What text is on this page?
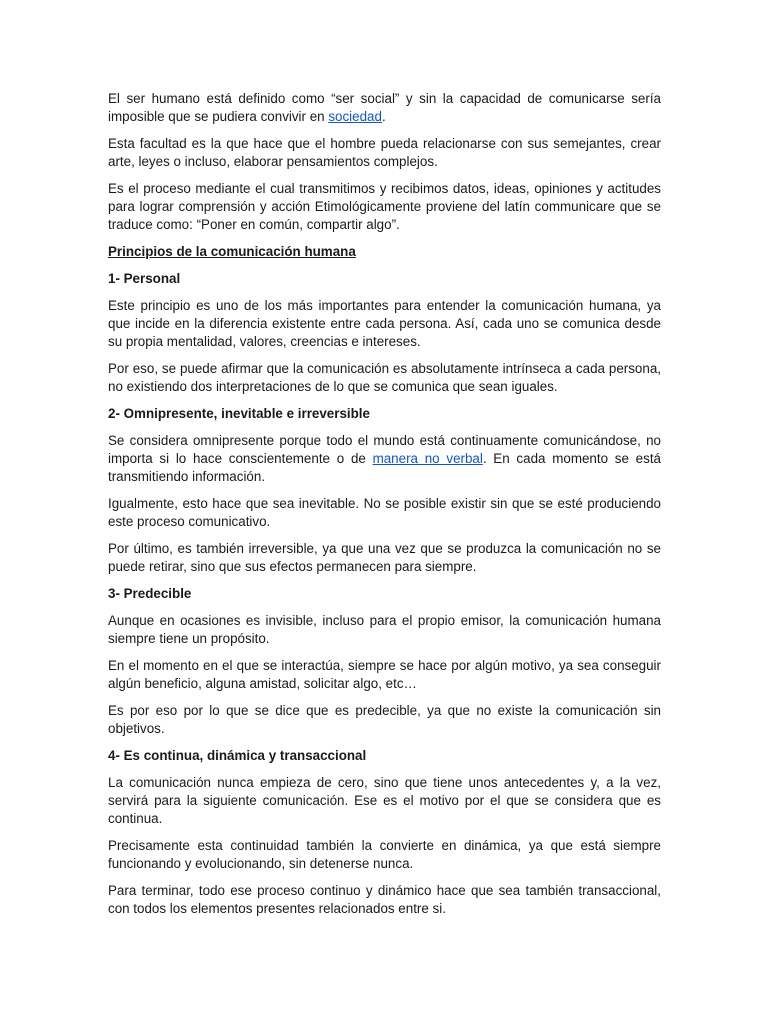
El ser humano está definido como “ser social” y sin la capacidad de comunicarse sería imposible que se pudiera convivir en sociedad.

Esta facultad es la que hace que el hombre pueda relacionarse con sus semejantes, crear arte, leyes o incluso, elaborar pensamientos complejos.

Es el proceso mediante el cual transmitimos y recibimos datos, ideas, opiniones y actitudes para lograr comprensión y acción Etimológicamente proviene del latín communicare que se traduce como: “Poner en común, compartir algo”.

Principios de la comunicación humana

1- Personal

Este principio es uno de los más importantes para entender la comunicación humana, ya que incide en la diferencia existente entre cada persona. Así, cada uno se comunica desde su propia mentalidad, valores, creencias e intereses.

Por eso, se puede afirmar que la comunicación es absolutamente intrínseca a cada persona, no existiendo dos interpretaciones de lo que se comunica que sean iguales.

2- Omnipresente, inevitable e irreversible

Se considera omnipresente porque todo el mundo está continuamente comunicándose, no importa si lo hace conscientemente o de manera no verbal. En cada momento se está transmitiendo información.

Igualmente, esto hace que sea inevitable. No se posible existir sin que se esté produciendo este proceso comunicativo.

Por último, es también irreversible, ya que una vez que se produzca la comunicación no se puede retirar, sino que sus efectos permanecen para siempre.

3- Predecible

Aunque en ocasiones es invisible, incluso para el propio emisor, la comunicación humana siempre tiene un propósito.

En el momento en el que se interactúa, siempre se hace por algún motivo, ya sea conseguir algún beneficio, alguna amistad, solicitar algo, etc…

Es por eso por lo que se dice que es predecible, ya que no existe la comunicación sin objetivos.

4- Es continua, dinámica y transaccional

La comunicación nunca empieza de cero, sino que tiene unos antecedentes y, a la vez, servirá para la siguiente comunicación. Ese es el motivo por el que se considera que es continua.

Precisamente esta continuidad también la convierte en dinámica, ya que está siempre funcionando y evolucionando, sin detenerse nunca.

Para terminar, todo ese proceso continuo y dinámico hace que sea también transaccional, con todos los elementos presentes relacionados entre si.
